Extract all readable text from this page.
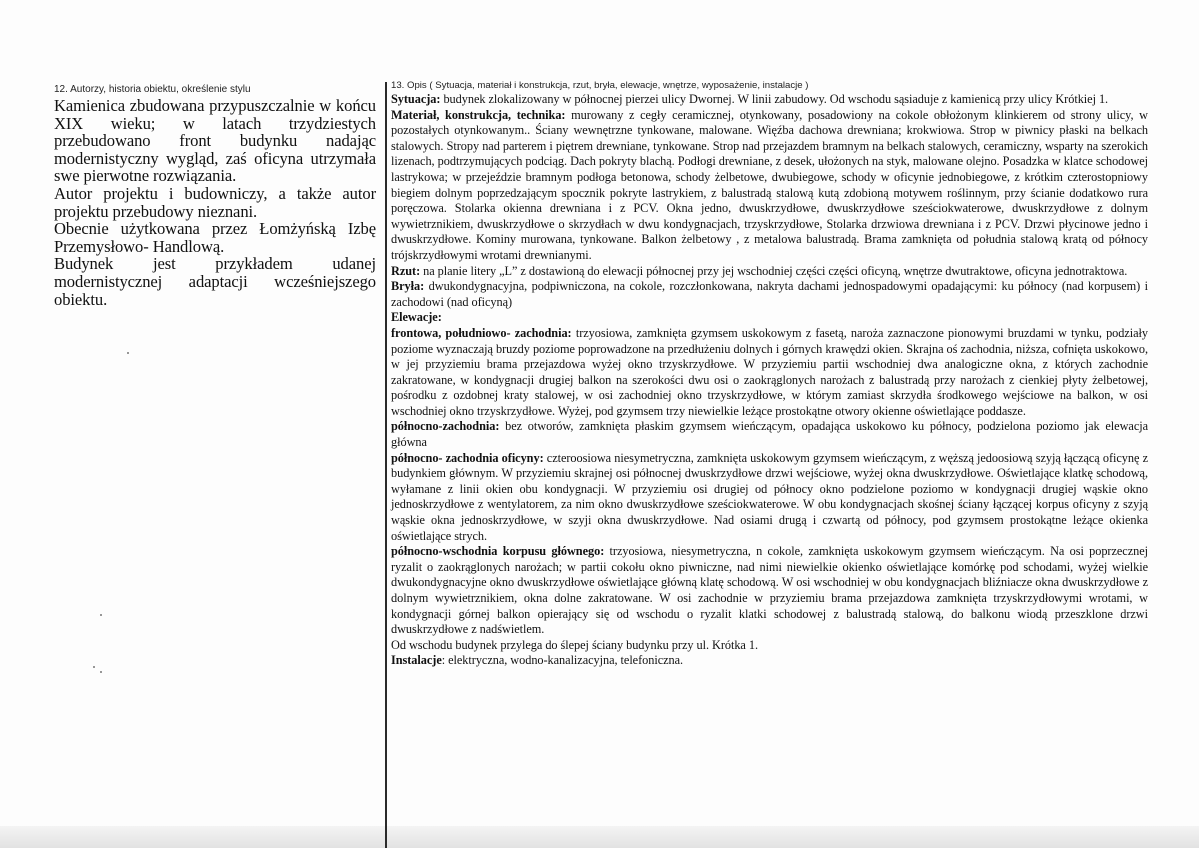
12. Autorzy, historia obiektu, określenie stylu

Kamienica zbudowana przypuszczalnie w końcu XIX wieku; w latach trzydziestych przebudowano front budynku nadając modernistyczny wygląd, zaś oficyna utrzymała swe pierwotne rozwiązania.

Autor projektu i budowniczy, a także autor projektu przebudowy nieznani.

Obecnie użytkowana przez Łomżyńską Izbę Przemysłowo- Handlową.

Budynek jest przykładem udanej modernistycznej adaptacji wcześniejszego obiektu.

13. Opis ( Sytuacja, materiał i konstrukcja, rzut, bryła, elewacje, wnętrze, wyposażenie, instalacje )

Sytuacja: budynek zlokalizowany w północnej pierzei ulicy Dwornej. W linii zabudowy. Od wschodu sąsiaduje z kamienicą przy ulicy Krótkiej 1.

Materiał, konstrukcja, technika: murowany z cegły ceramicznej, otynkowany, posadowiony na cokole obłożonym klinkierem od strony ulicy, w pozostałych otynkowanym.. Ściany wewnętrzne tynkowane, malowane. Więźba dachowa drewniana; krokwiowa. Strop w piwnicy płaski na belkach stalowych. Stropy nad parterem i piętrem drewniane, tynkowane. Strop nad przejazdem bramnym na belkach stalowych, ceramiczny, wsparty na szerokich lizenach, podtrzymujących podciąg. Dach pokryty blachą. Podłogi drewniane, z desek, ułożonych na styk, malowane olejno. Posadzka w klatce schodowej lastrykowa; w przejeździe bramnym podłoga betonowa, schody żelbetowe, dwubiegowe, schody w oficynie jednobiegowe, z krótkim czterostopniowy biegiem dolnym poprzedzającym spocznik pokryte lastrykiem, z balustradą stalową kutą zdobioną motywem roślinnym, przy ścianie dodatkowo rura poręczowa. Stolarka okienna drewniana i z PCV. Okna jedno, dwuskrzydłowe, dwuskrzydłowe sześciokwaterowe, dwuskrzydłowe z dolnym wywietrznikiem, dwuskrzydłowe o skrzydłach w dwu kondygnacjach, trzyskrzydłowe, Stolarka drzwiowa drewniana i z PCV. Drzwi płycinowe jedno i dwuskrzydłowe. Kominy murowana, tynkowane. Balkon żelbetowy , z metalowa balustradą. Brama zamknięta od południa stalową kratą od północy trójskrzydłowymi wrotami drewnianymi.

Rzut: na planie litery „L” z dostawioną do elewacji północnej przy jej wschodniej części części oficyną, wnętrze dwutraktowe, oficyna jednotraktowa.

Bryła: dwukondygnacyjna, podpiwniczona, na cokole, rozczłonkowana, nakryta dachami jednospadowymi opadającymi: ku północy (nad korpusem) i zachodowi (nad oficyną)

Elewacje:

frontowa, południowo- zachodnia: trzyosiowa, zamknięta gzymsem uskokowym z fasetą, naroża zaznaczone pionowymi bruzdami w tynku, podziały poziome wyznaczają bruzdy poziome poprowadzone na przedłużeniu dolnych i górnych krawędzi okien. Skrajna oś zachodnia, niższa, cofnięta uskokowo, w jej przyziemiu brama przejazdowa wyżej okno trzyskrzydłowe. W przyziemiu partii wschodniej dwa analogiczne okna, z których zachodnie zakratowane, w kondygnacji drugiej balkon na szerokości dwu osi o zaokrąglonych narożach z balustradą przy narożach z cienkiej płyty żelbetowej, pośrodku z ozdobnej kraty stalowej, w osi zachodniej okno trzyskrzydłowe, w którym zamiast skrzydła środkowego wejściowe na balkon, w osi wschodniej okno trzyskrzydłowe. Wyżej, pod gzymsem trzy niewielkie leżące prostokątne otwory okienne oświetlające poddasze.

północno-zachodnia: bez otworów, zamknięta płaskim gzymsem wieńczącym, opadająca uskokowo ku północy, podzielona poziomo jak elewacja główna

północno- zachodnia oficyny: czteroosiowa niesymetryczna, zamknięta uskokowym gzymsem wieńczącym, z węższą jedoosiową szyją łączącą oficynę z budynkiem głównym. W przyziemiu skrajnej osi północnej dwuskrzydłowe drzwi wejściowe, wyżej okna dwuskrzydłowe. Oświetlające klatkę schodową, wyłamane z linii okien obu kondygnacji. W przyziemiu osi drugiej od północy okno podzielone poziomo w kondygnacji drugiej wąskie okno jednoskrzydłowe z wentylatorem, za nim okno dwuskrzydłowe sześciokwaterowe. W obu kondygnacjach skośnej ściany łączącej korpus oficyny z szyją wąskie okna jednoskrzydłowe, w szyji okna dwuskrzydłowe. Nad osiami drugą i czwartą od północy, pod gzymsem prostokątne leżące okienka oświetlające strych.

północno-wschodnia korpusu głównego: trzyosiowa, niesymetryczna, n cokole, zamknięta uskokowym gzymsem wieńczącym. Na osi poprzecznej ryzalit o zaokrąglonych narożach; w partii cokołu okno piwniczne, nad nimi niewielkie okienko oświetlające komórkę pod schodami, wyżej wielkie dwukondygnacyjne okno dwuskrzydłowe oświetlające główną klatę schodową. W osi wschodniej w obu kondygnacjach bliźniacze okna dwuskrzydłowe z dolnym wywietrznikiem, okna dolne zakratowane. W osi zachodnie w przyziemiu brama przejazdowa zamknięta trzyskrzydłowymi wrotami, w kondygnacji górnej balkon opierający się od wschodu o ryzalit klatki schodowej z balustradą stalową, do balkonu wiodą przeszklone drzwi dwuskrzydłowe z nadświetlem.

Od wschodu budynek przylega do ślepej ściany budynku przy ul. Krótka 1.

Instalacje: elektryczna, wodno-kanalizacyjna, telefoniczna.
